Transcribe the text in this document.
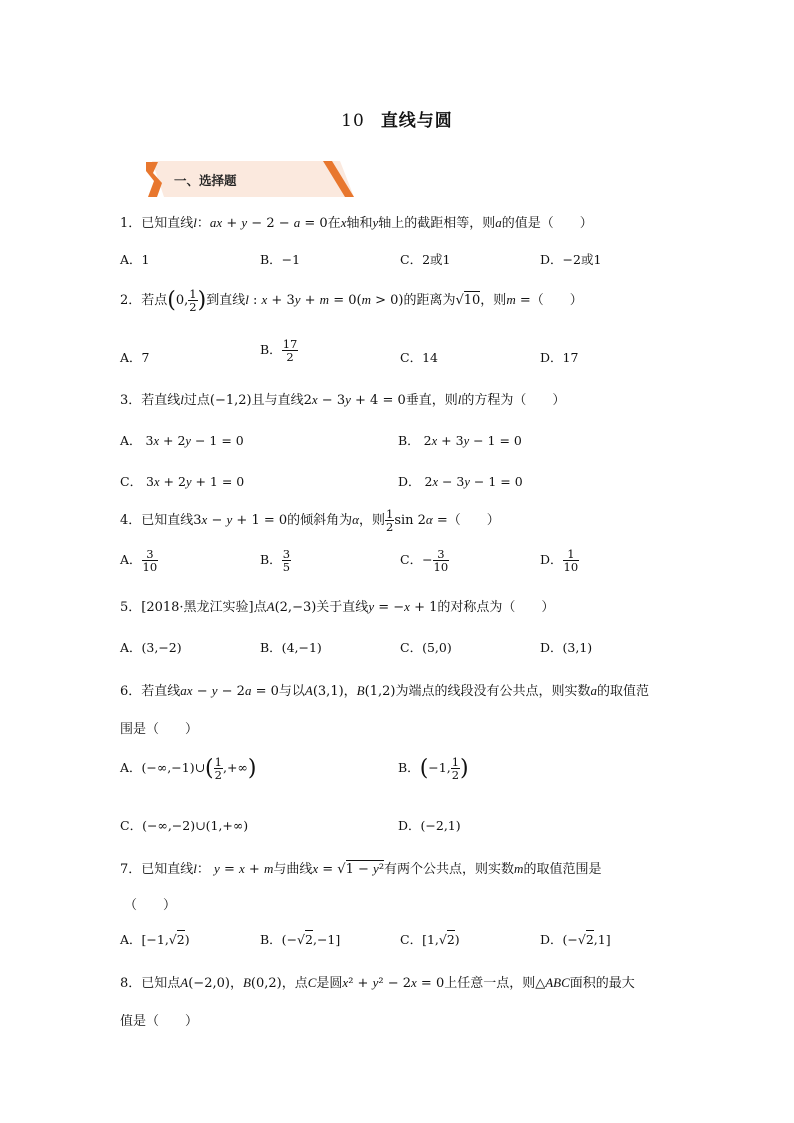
10 直线与圆
一、选择题
1．已知直线l：ax + y − 2 − a = 0在x轴和y轴上的截距相等，则a的值是（　　）
A．1	B．−1	C．2或1	D．−2或1
2．若点(0, $\frac{1}{2}$ )到直线l : x + 3y + m = 0(m > 0)的距离为√10，则m =（　　）
A．7
B． $\frac{17}{2}$	C．14	D．17
3．若直线l过点(−1,2)且与直线2x − 3y + 4 = 0垂直，则l的方程为（　　）
A． 3x + 2y − 1 = 0	B． 2x + 3y − 1 = 0
C． 3x + 2y + 1 = 0	D． 2x − 3y − 1 = 0
4．已知直线3x − y + 1 = 0的倾斜角为α，则 $\frac{1}{2}$ sin 2α =（　　）
A． $\frac{3}{10}$	B． $\frac{3}{5}$	C．− $\frac{3}{10}$	D． $\frac{1}{10}$
5．[2018·黑龙江实验]点A(2,−3)关于直线y = −x + 1的对称点为（　　）
A．(3,−2)	B．(4,−1)	C．(5,0)	D．(3,1)
6．若直线ax − y − 2a = 0与以A(3,1)，B(1,2)为端点的线段没有公共点，则实数a的取值范
围是（　　）
A．(−∞,−1)∪( $\frac{1}{2}$ ,+∞)	B．(−1, $\frac{1}{2}$ )
C．(−∞,−2)∪(1,+∞)	D．(−2,1)
7．已知直线l： y = x + m与曲线x = √1 − y²有两个公共点，则实数m的取值范围是
（　　）
A．[−1,√2)	B．(−√2,−1]	C．[1,√2)	D．(−√2,1]
8．已知点A(−2,0)，B(0,2)，点C是圆x² + y² − 2x = 0上任意一点，则△ABC面积的最大
值是（　　）
